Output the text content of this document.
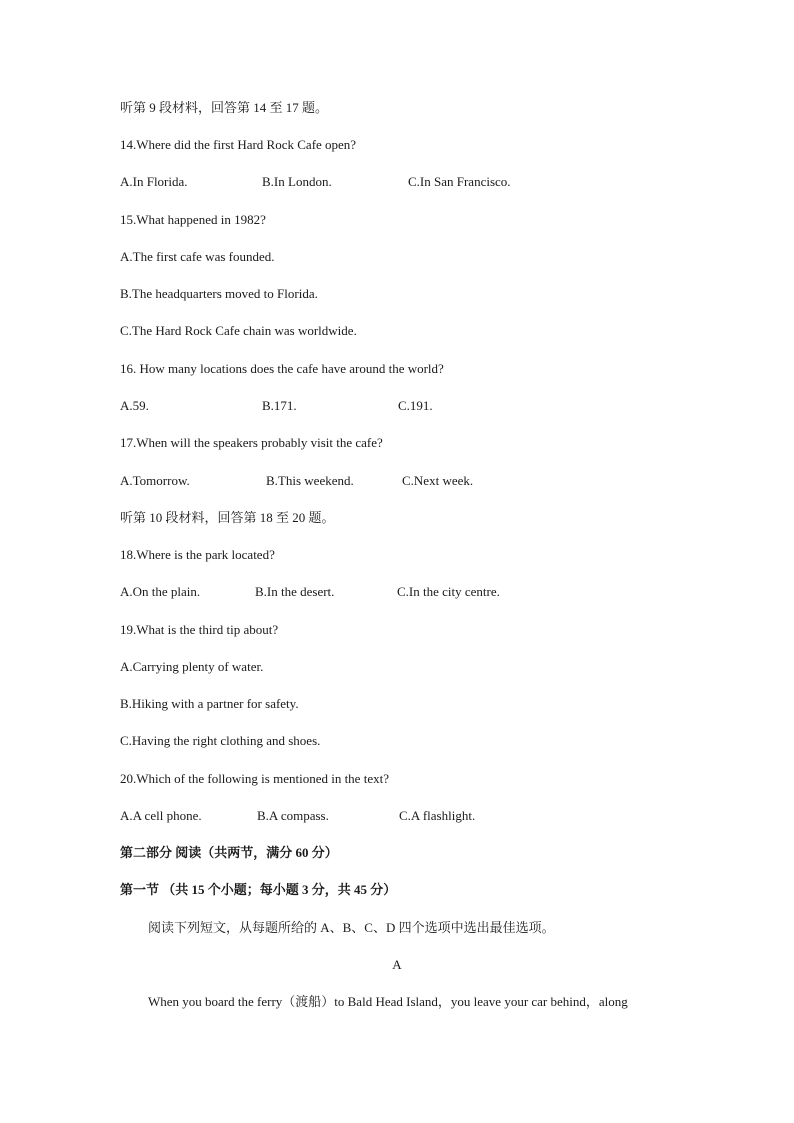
听第 9 段材料，回答第 14 至 17 题。
14.Where did the first Hard Rock Cafe open?
A.In Florida.	B.In London.	C.In San Francisco.
15.What happened in 1982?
A.The first cafe was founded.
B.The headquarters moved to Florida.
C.The Hard Rock Cafe chain was worldwide.
16. How many locations does the cafe have around the world?
A.59.	B.171.	C.191.
17.When will the speakers probably visit the cafe?
A.Tomorrow.	B.This weekend.	C.Next week.
听第 10 段材料，回答第 18 至 20 题。
18.Where is the park located?
A.On the plain.	B.In the desert.	C.In the city centre.
19.What is the third tip about?
A.Carrying plenty of water.
B.Hiking with a partner for safety.
C.Having the right clothing and shoes.
20.Which of the following is mentioned in the text?
A.A cell phone.	B.A compass.	C.A flashlight.
第二部分 阅读（共两节，满分 60 分）
第一节 （共 15 个小题；每小题 3 分，共 45 分）
阅读下列短文，从每题所给的 A、B、C、D 四个选项中选出最佳选项。
A
When you board the ferry（渡船）to Bald Head Island，you leave your car behind，along
